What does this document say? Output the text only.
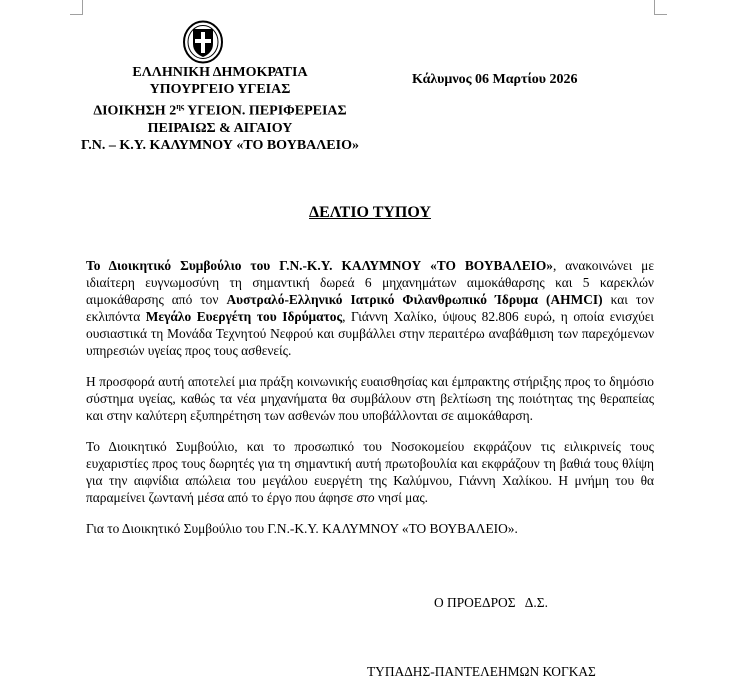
ΕΛΛΗΝΙΚΗ ΔΗΜΟΚΡΑΤΙΑ
ΥΠΟΥΡΓΕΙΟ ΥΓΕΙΑΣ
ΔΙΟΙΚΗΣΗ $2^{\eta\varsigma}$ ΥΓΕΙΟΝ. ΠΕΡΙΦΕΡΕΙΑΣ
ΠΕΙΡΑΙΩΣ & ΑΙΓΑΙΟΥ
Γ.Ν. – Κ.Υ. ΚΑΛΥΜΝΟΥ «ΤΟ ΒΟΥΒΑΛΕΙΟ»
Κάλυμνος 06 Μαρτίου 2026
ΔΕΛΤΙΟ ΤΥΠΟΥ

Το Διοικητικό Συμβούλιο του Γ.Ν.-Κ.Υ. ΚΑΛΥΜΝΟΥ «ΤΟ ΒΟΥΒΑΛΕΙΟ», ανακοινώνει με ιδιαίτερη ευγνωμοσύνη τη σημαντική δωρεά 6 μηχανημάτων αιμοκάθαρσης και 5 καρεκλών αιμοκάθαρσης από τον Αυστραλό-Ελληνικό Ιατρικό Φιλανθρωπικό Ίδρυμα (AHMCI) και τον εκλιπόντα Μεγάλο Ευεργέτη του Ιδρύματος, Γιάννη Χαλίκο, ύψους 82.806 ευρώ, η οποία ενισχύει ουσιαστικά τη Μονάδα Τεχνητού Νεφρού και συμβάλλει στην περαιτέρω αναβάθμιση των παρεχόμενων υπηρεσιών υγείας προς τους ασθενείς.

Η προσφορά αυτή αποτελεί μια πράξη κοινωνικής ευαισθησίας και έμπρακτης στήριξης προς το δημόσιο σύστημα υγείας, καθώς τα νέα μηχανήματα θα συμβάλουν στη βελτίωση της ποιότητας της θεραπείας και στην καλύτερη εξυπηρέτηση των ασθενών που υποβάλλονται σε αιμοκάθαρση.

Το Διοικητικό Συμβούλιο, και το προσωπικό του Νοσοκομείου εκφράζουν τις ειλικρινείς τους ευχαριστίες προς τους δωρητές για τη σημαντική αυτή πρωτοβουλία και εκφράζουν τη βαθιά τους θλίψη για την αιφνίδια απώλεια του μεγάλου ευεργέτη της Καλύμνου, Γιάννη Χαλίκου. Η μνήμη του θα παραμείνει ζωντανή μέσα από το έργο που άφησε στο νησί μας.

Για το Διοικητικό Συμβούλιο του Γ.Ν.-Κ.Υ. ΚΑΛΥΜΝΟΥ «ΤΟ ΒΟΥΒΑΛΕΙΟ».

Ο ΠΡΟΕΔΡΟΣ   Δ.Σ.
ΤΥΠΑΔΗΣ-ΠΑΝΤΕΛΕΗΜΩΝ ΚΟΓΚΑΣ
